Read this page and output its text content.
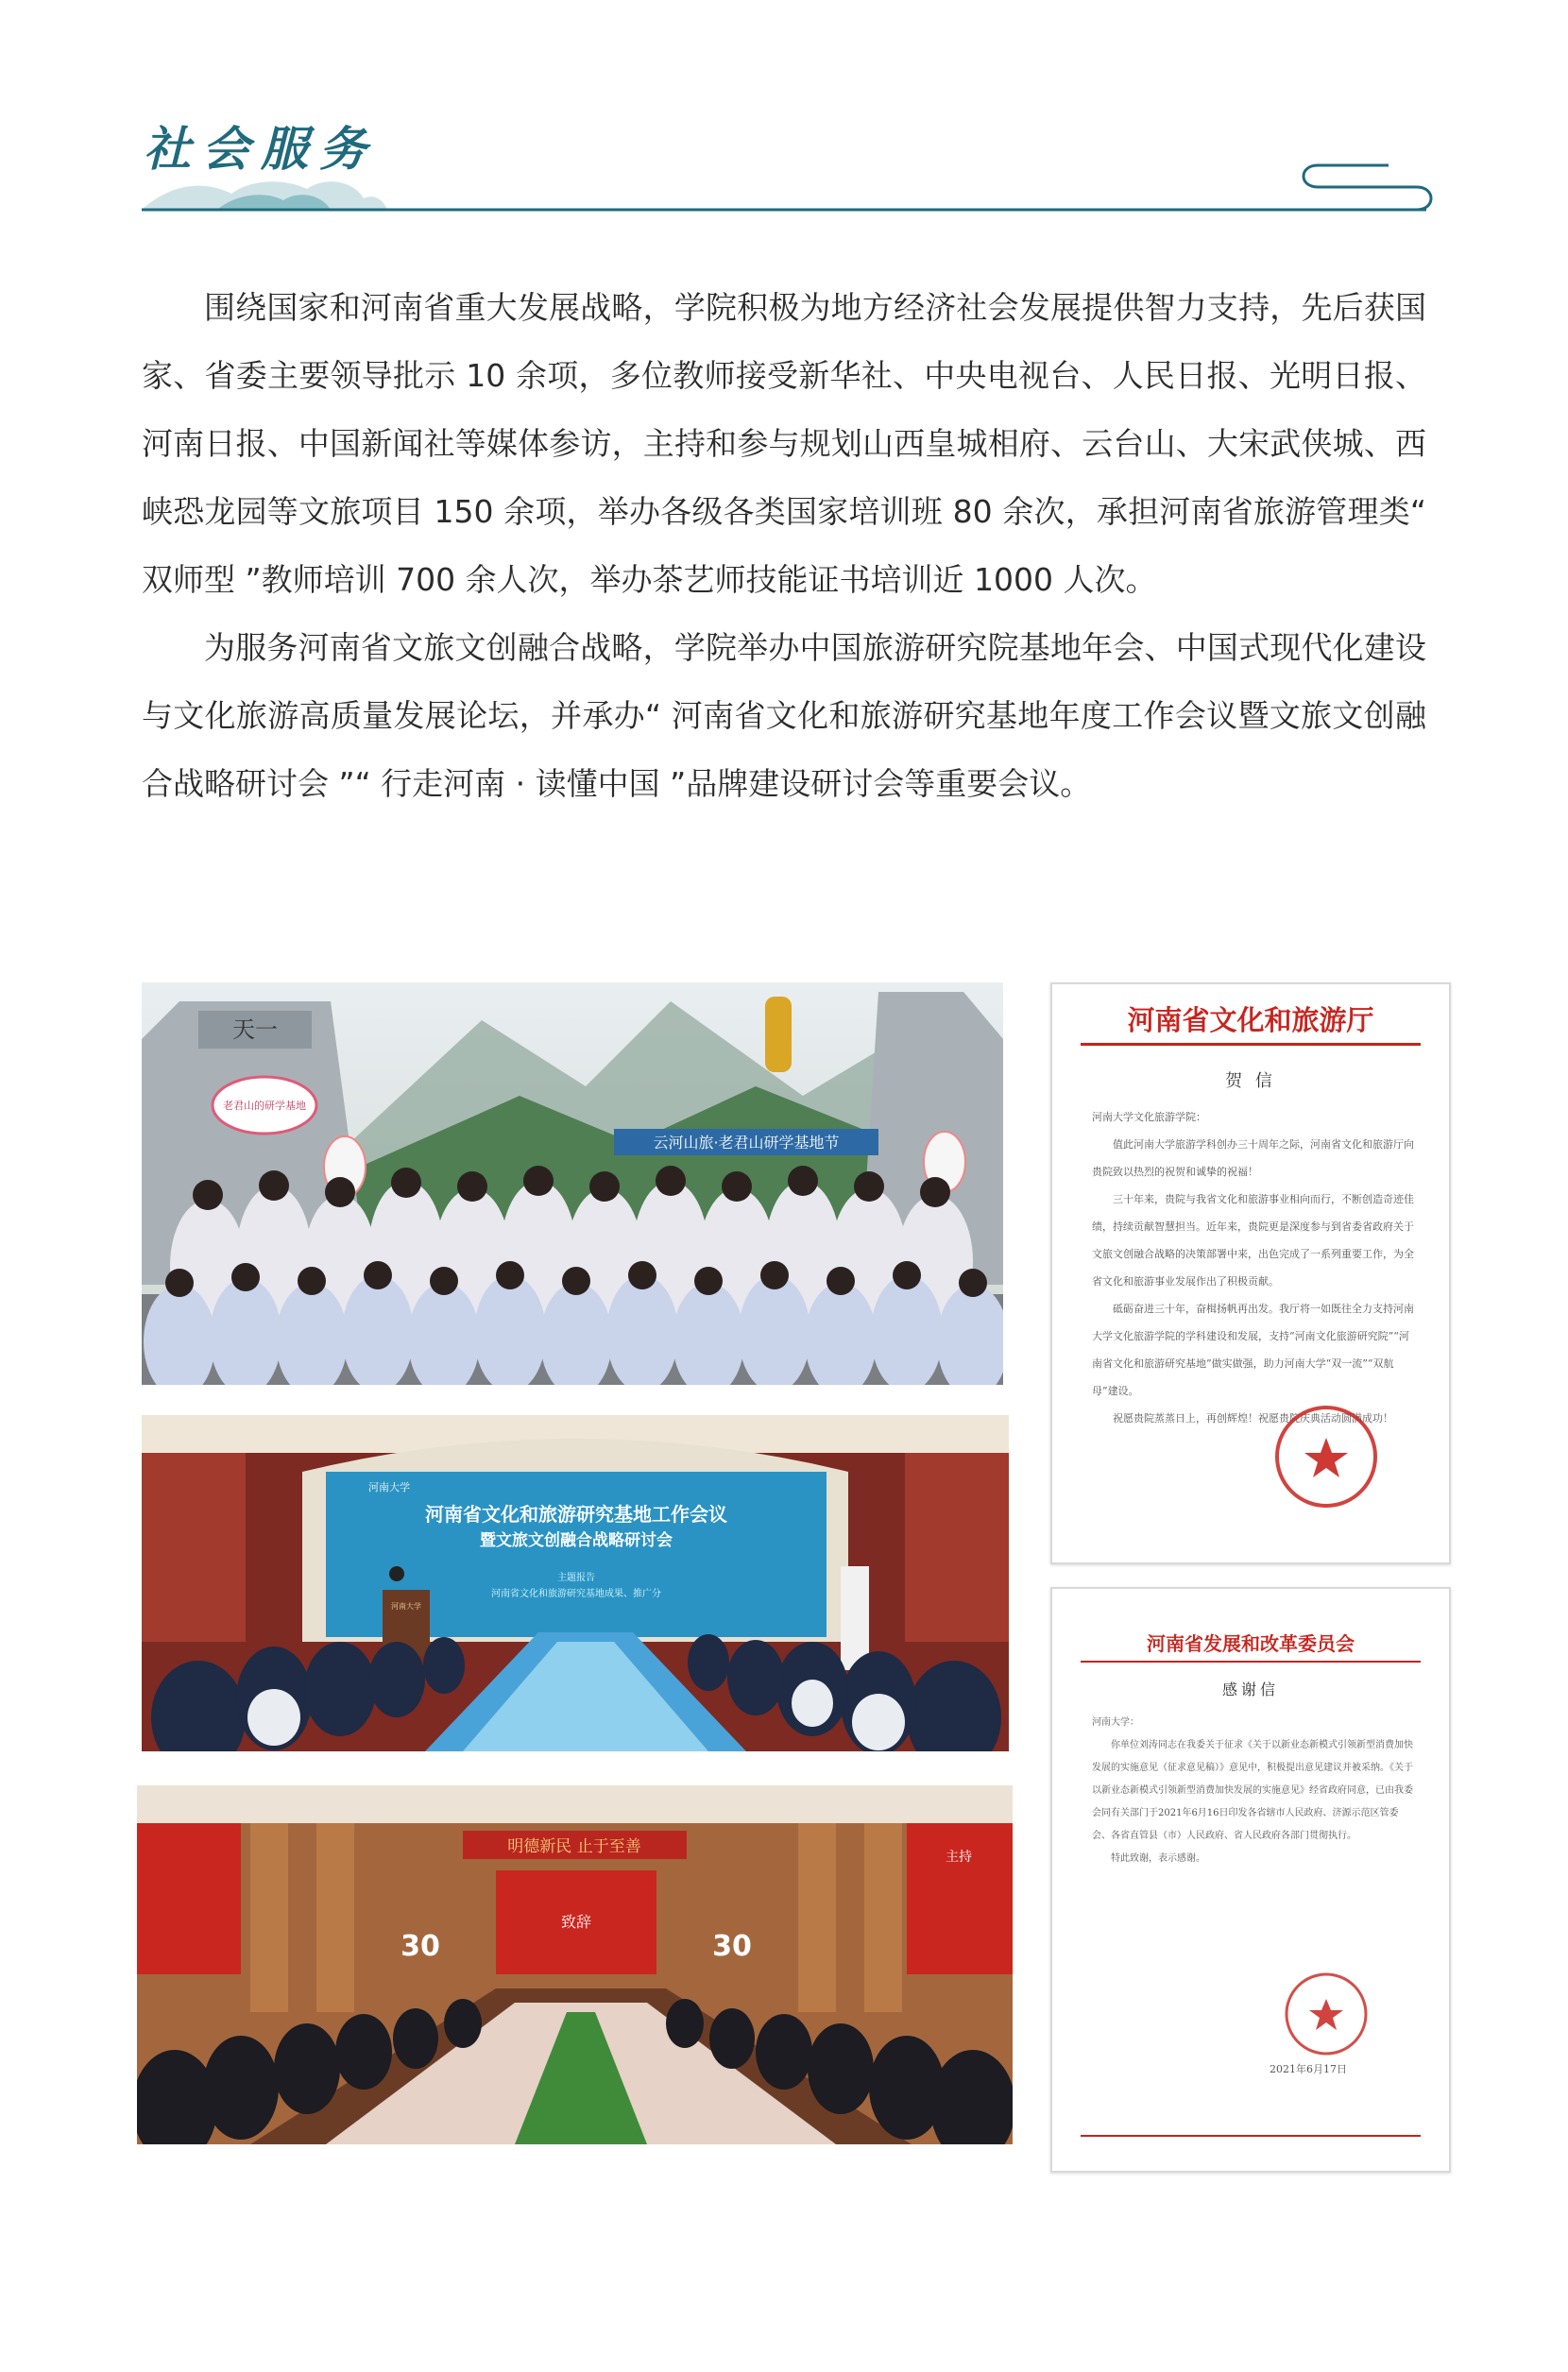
社会服务

围绕国家和河南省重大发展战略，学院积极为地方经济社会发展提供智力支持，先后获国家、省委主要领导批示 10 余项，多位教师接受新华社、中央电视台、人民日报、光明日报、河南日报、中国新闻社等媒体参访，主持和参与规划山西皇城相府、云台山、大宋武侠城、西峡恐龙园等文旅项目 150 余项，举办各级各类国家培训班 80 余次，承担河南省旅游管理类“ 双师型 ”教师培训 700 余人次，举办茶艺师技能证书培训近 1000 人次。

为服务河南省文旅文创融合战略，学院举办中国旅游研究院基地年会、中国式现代化建设与文化旅游高质量发展论坛，并承办“ 河南省文化和旅游研究基地年度工作会议暨文旅文创融合战略研讨会 ”“ 行走河南 · 读懂中国 ”品牌建设研讨会等重要会议。

天一
云河山旅·老君山研学基地节
老君山的研学基地
河南大学
河南省文化和旅游研究基地工作会议
暨文旅文创融合战略研讨会
主题报告
河南省文化和旅游研究基地成果、推广分
河南大学
明德新民 止于至善
30	30
主持
致辞
河南省文化和旅游厅
贺 信

河南大学文化旅游学院：

值此河南大学旅游学科创办三十周年之际，河南省文化和旅游厅向贵院致以热烈的祝贺和诚挚的祝福！

三十年来，贵院与我省文化和旅游事业相向而行，不断创造奇迹佳绩，持续贡献智慧担当。近年来，贵院更是深度参与到省委省政府关于文旅文创融合战略的决策部署中来，出色完成了一系列重要工作，为全省文化和旅游事业发展作出了积极贡献。

砥砺奋进三十年，奋楫扬帆再出发。我厅将一如既往全力支持河南大学文化旅游学院的学科建设和发展，支持“河南文化旅游研究院”“河南省文化和旅游研究基地”做实做强，助力河南大学“双一流”“双航母”建设。

祝愿贵院蒸蒸日上，再创辉煌！祝愿贵院庆典活动圆满成功！

河南省发展和改革委员会
感谢信

河南大学：

你单位刘涛同志在我委关于征求《关于以新业态新模式引领新型消费加快发展的实施意见（征求意见稿）》意见中，积极提出意见建议并被采纳。《关于以新业态新模式引领新型消费加快发展的实施意见》经省政府同意，已由我委会同有关部门于2021年6月16日印发各省辖市人民政府、济源示范区管委会、各省直管县（市）人民政府、省人民政府各部门贯彻执行。

特此致谢，表示感谢。

2021年6月17日
